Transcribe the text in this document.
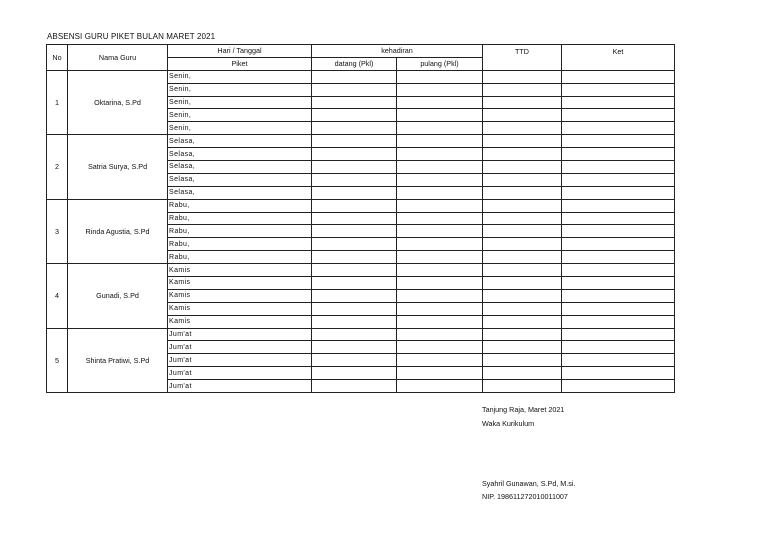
ABSENSI GURU PIKET BULAN MARET 2021
No	Nama Guru	Hari / Tanggal	kehadiran		TTD	Ket
		Piket	datang (Pkl)	pulang (Pkl)		
1	Oktarina, S.Pd	Senin,				
		Senin,				
		Senin,				
		Senin,				
		Senin,				
2	Satria Surya, S.Pd	Selasa,				
		Selasa,				
		Selasa,				
		Selasa,				
		Selasa,				
3	Rinda Agustia, S.Pd	Rabu,				
		Rabu,				
		Rabu,				
		Rabu,				
		Rabu,				
4	Gunadi, S.Pd	Kamis				
		Kamis				
		Kamis				
		Kamis				
		Kamis				
5	Shinta Pratiwi, S.Pd	Jum'at				
		Jum'at				
		Jum'at				
		Jum'at				
		Jum'at				
Tanjung Raja, Maret 2021
Waka Kurikulum
Syahril Gunawan, S.Pd, M.si.
NIP. 198611272010011007
